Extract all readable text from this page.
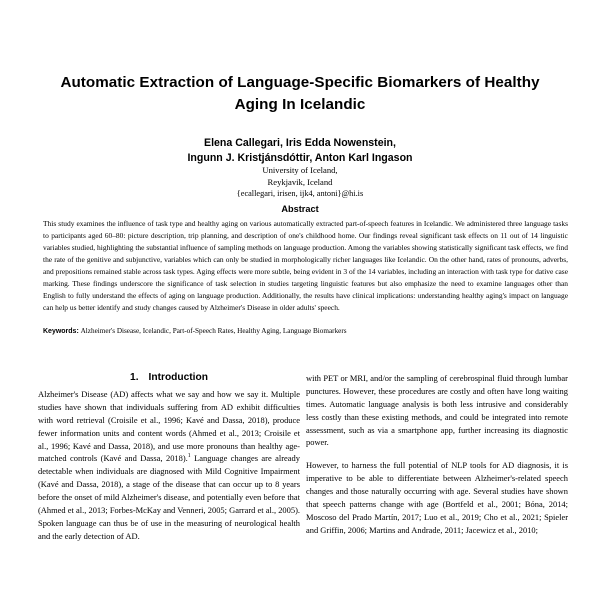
Automatic Extraction of Language-Specific Biomarkers of Healthy Aging In Icelandic
Elena Callegari, Iris Edda Nowenstein,
Ingunn J. Kristjánsdóttir, Anton Karl Ingason
University of Iceland,
Reykjavik, Iceland
{ecallegari, irisen, ijk4, antoni}@hi.is
Abstract

This study examines the influence of task type and healthy aging on various automatically extracted part-of-speech features in Icelandic. We administered three language tasks to participants aged 60–80: picture description, trip planning, and description of one's childhood home. Our findings reveal significant task effects on 11 out of 14 linguistic variables studied, highlighting the substantial influence of sampling methods on language production. Among the variables showing statistically significant task effects, we find the rate of the genitive and subjunctive, variables which can only be studied in morphologically richer languages like Icelandic. On the other hand, rates of pronouns, adverbs, and prepositions remained stable across task types. Aging effects were more subtle, being evident in 3 of the 14 variables, including an interaction with task type for dative case marking. These findings underscore the significance of task selection in studies targeting linguistic features but also emphasize the need to examine languages other than English to fully understand the effects of aging on language production. Additionally, the results have clinical implications: understanding healthy aging's impact on language can help us better identify and study changes caused by Alzheimer's Disease in older adults' speech.

Keywords: Alzheimer's Disease, Icelandic, Part-of-Speech Rates, Healthy Aging, Language Biomarkers
1. Introduction

Alzheimer's Disease (AD) affects what we say and how we say it. Multiple studies have shown that individuals suffering from AD exhibit difficulties with word retrieval (Croisile et al., 1996; Kavé and Dassa, 2018), produce fewer information units and content words (Ahmed et al., 2013; Croisile et al., 1996; Kavé and Dassa, 2018), and use more pronouns than healthy age-matched controls (Kavé and Dassa, 2018).$^1$ Language changes are already detectable when individuals are diagnosed with Mild Cognitive Impairment (Kavé and Dassa, 2018), a stage of the disease that can occur up to 8 years before the onset of mild Alzheimer's disease, and potentially even before that (Ahmed et al., 2013; Forbes-McKay and Venneri, 2005; Garrard et al., 2005). Spoken language can thus be of use in the measuring of neurological health and the early detection of AD.

with PET or MRI, and/or the sampling of cerebrospinal fluid through lumbar punctures. However, these procedures are costly and often have long waiting times. Automatic language analysis is both less intrusive and considerably less costly than these existing methods, and could be integrated into remote assessment, such as via a smartphone app, further increasing its diagnostic power.

However, to harness the full potential of NLP tools for AD diagnosis, it is imperative to be able to differentiate between Alzheimer's-related speech changes and those naturally occurring with age. Several studies have shown that speech patterns change with age (Bortfeld et al., 2001; Bóna, 2014; Moscoso del Prado Martín, 2017; Luo et al., 2019; Cho et al., 2021; Spieler and Griffin, 2006; Martins and Andrade, 2011; Jacewicz et al., 2010;
